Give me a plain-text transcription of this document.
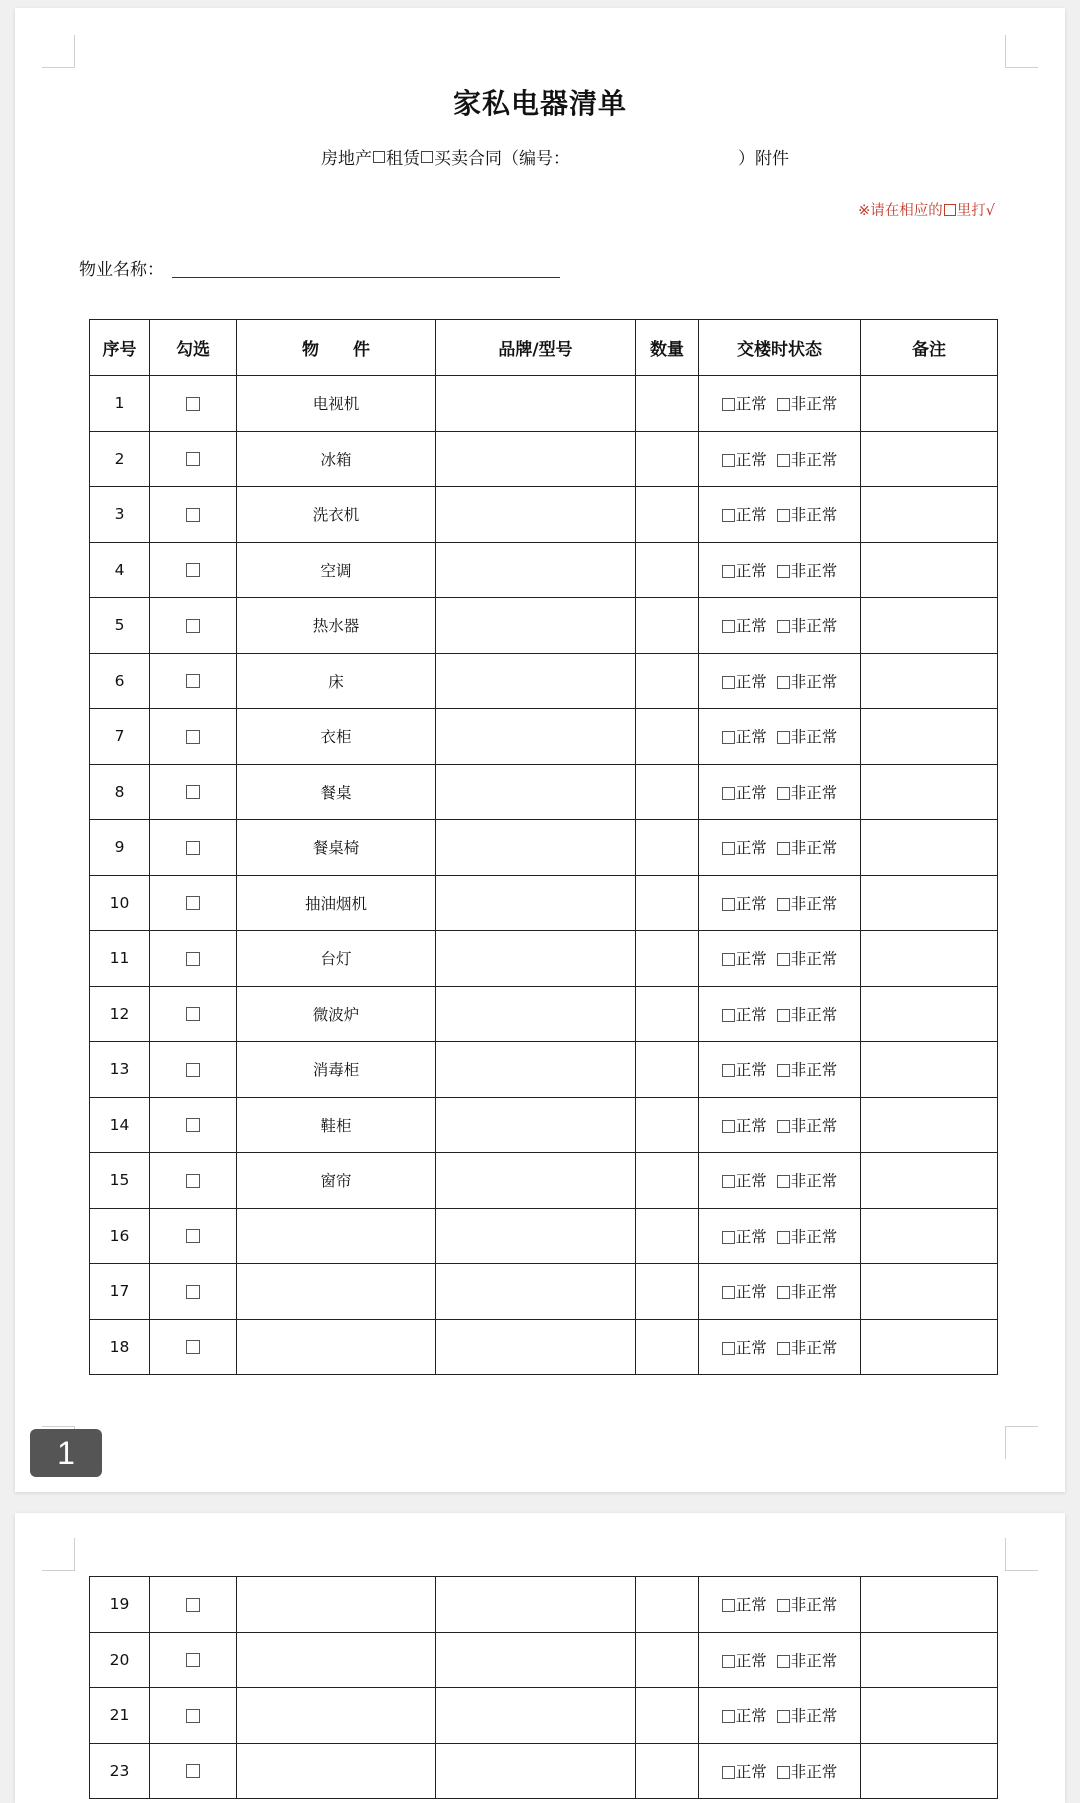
家私电器清单
房地产 租赁 买卖合同（编号：	）附件
※请在相应的 里打√
物业名称：
序号	勾选	物　　件	品牌/型号	数量	交楼时状态	备注
1		电视机			正常 非正常	
2		冰箱			正常 非正常	
3		洗衣机			正常 非正常	
4		空调			正常 非正常	
5		热水器			正常 非正常	
6		床			正常 非正常	
7		衣柜			正常 非正常	
8		餐桌			正常 非正常	
9		餐桌椅			正常 非正常	
10		抽油烟机			正常 非正常	
11		台灯			正常 非正常	
12		微波炉			正常 非正常	
13		消毒柜			正常 非正常	
14		鞋柜			正常 非正常	
15		窗帘			正常 非正常	
16					正常 非正常	
17					正常 非正常	
18					正常 非正常	
1
19					正常 非正常	
20					正常 非正常	
21					正常 非正常	
23					正常 非正常	
